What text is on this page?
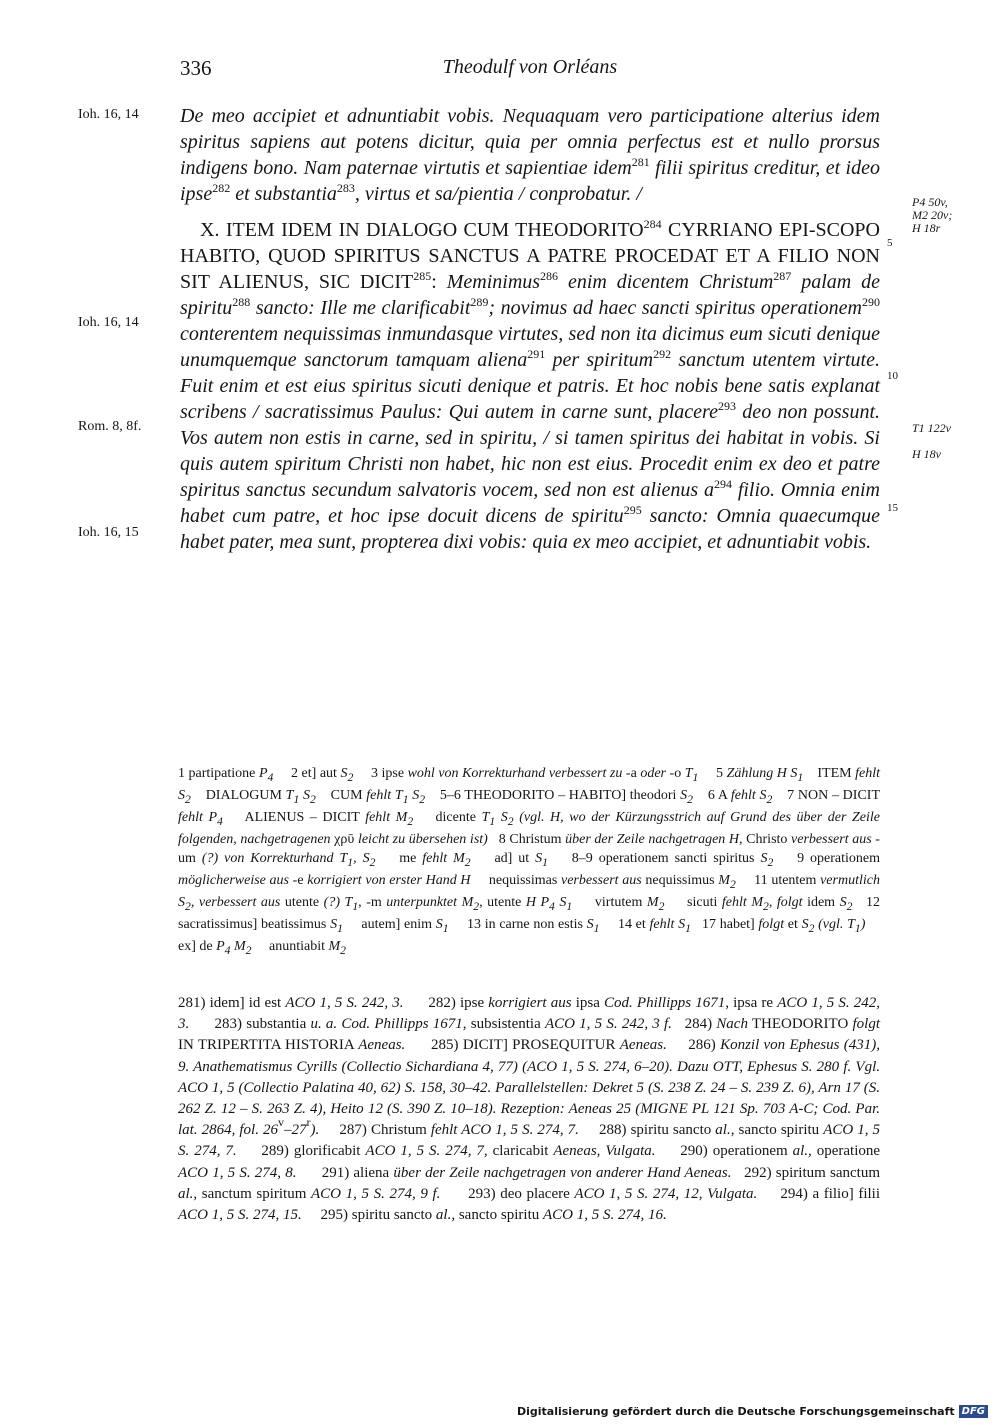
336	Theodulf von Orléans
Ioh. 16, 14
Ioh. 16, 14
Rom. 8, 8f.
Ioh. 16, 15
5
10
15
P4 50v,
M2 20v;
H 18r
T1 122v
H 18v

De meo accipiet et adnuntiabit vobis. Nequaquam vero participatione alterius idem spiritus sapiens aut potens dicitur, quia per omnia perfectus est et nullo prorsus indigens bono. Nam paternae virtutis et sapientiae idem$^{281}$ filii spiritus creditur, et ideo ipse$^{282}$ et substantia$^{283}$, virtus et sa/pientia / conprobatur. /

X. ITEM IDEM IN DIALOGO CUM THEODORITO$^{284}$ CYRRIANO EPI-SCOPO HABITO, QUOD SPIRITUS SANCTUS A PATRE PROCEDAT ET A FILIO NON SIT ALIENUS, SIC DICIT$^{285}$: Meminimus$^{286}$ enim dicentem Christum$^{287}$ palam de spiritu$^{288}$ sancto: Ille me clarificabit$^{289}$; novimus ad haec sancti spiritus operationem$^{290}$ conterentem nequissimas inmundasque virtutes, sed non ita dicimus eum sicuti denique unumquemque sanctorum tamquam aliena$^{291}$ per spiritum$^{292}$ sanctum utentem virtute. Fuit enim et est eius spiritus sicuti denique et patris. Et hoc nobis bene satis explanat scribens / sacratissimus Paulus: Qui autem in carne sunt, placere$^{293}$ deo non possunt. Vos autem non estis in carne, sed in spiritu, / si tamen spiritus dei habitat in vobis. Si quis autem spiritum Christi non habet, hic non est eius. Procedit enim ex deo et patre spiritus sanctus secundum salvatoris vocem, sed non est alienus $a^{294}$ filio. Omnia enim habet cum patre, et hoc ipse docuit dicens de spiritu$^{295}$ sancto: Omnia quaecumque habet pater, mea sunt, propterea dixi vobis: quia ex meo accipiet, et adnuntiabit vobis.

1 partipatione $P_4$     2 et] aut $S_2$     3 ipse wohl von Korrekturhand verbessert zu -a oder -o $T_1$     5 Zählung H $S_1$    ITEM fehlt $S_2$    DIALOGUM $T_1$ $S_2$    CUM fehlt $T_1$ $S_2$    5–6 THEODORITO – HABITO] theodori $S_2$    6 A fehlt $S_2$    7 NON – DICIT fehlt $P_4$    ALIENUS – DICIT fehlt $M_2$    dicente $T_1$ $S_2$ (vgl. H, wo der Kürzungsstrich auf Grund des über der Zeile folgenden, nachgetragenen χρῡ leicht zu übersehen ist)   8 Christum über der Zeile nachgetragen H, Christo verbessert aus -um (?) von Korrekturhand $T_1$, $S_2$    me fehlt $M_2$    ad] ut $S_1$    8–9 operationem sancti spiritus $S_2$    9 operationem möglicherweise aus -e korrigiert von erster Hand H     nequissimas verbessert aus nequissimus $M_2$     11 utentem vermutlich $S_2$, verbessert aus utente (?) $T_1$, -m unterpunktet $M_2$, utente H $P_4$ $S_1$     virtutem $M_2$     sicuti fehlt $M_2$, folgt idem $S_2$   12 sacratissimus] beatissimus $S_1$     autem] enim $S_1$     13 in carne non estis $S_1$     14 et fehlt $S_1$   17 habet] folgt et $S_2$ (vgl. $T_1$)     ex] de $P_4$ $M_2$     anuntiabit $M_2$

281) idem] id est ACO 1, 5 S. 242, 3.      282) ipse korrigiert aus ipsa Cod. Phillipps 1671, ipsa re ACO 1, 5 S. 242, 3.      283) substantia u. a. Cod. Phillipps 1671, subsistentia ACO 1, 5 S. 242, 3 f.   284) Nach THEODORITO folgt IN TRIPERTITA HISTORIA Aeneas.      285) DICIT] PROSEQUITUR Aeneas.     286) Konzil von Ephesus (431), 9. Anathematismus Cyrills (Collectio Sichardiana 4, 77) (ACO 1, 5 S. 274, 6–20). Dazu OTT, Ephesus S. 280 f. Vgl. ACO 1, 5 (Collectio Palatina 40, 62) S. 158, 30–42. Parallelstellen: Dekret 5 (S. 238 Z. 24 – S. 239 Z. 6), Arn 17 (S. 262 Z. 12 – S. 263 Z. 4), Heito 12 (S. 390 Z. 10–18). Rezeption: Aeneas 25 (MIGNE PL 121 Sp. 703 A-C; Cod. Par. lat. 2864, fol. 26$^v$–27$^r$).     287) Christum fehlt ACO 1, 5 S. 274, 7.     288) spiritu sancto al., sancto spiritu ACO 1, 5 S. 274, 7.     289) glorificabit ACO 1, 5 S. 274, 7, claricabit Aeneas, Vulgata.     290) operationem al., operatione ACO 1, 5 S. 274, 8.      291) aliena über der Zeile nachgetragen von anderer Hand Aeneas.   292) spiritum sanctum al., sanctum spiritum ACO 1, 5 S. 274, 9 f.      293) deo placere ACO 1, 5 S. 274, 12, Vulgata.     294) a filio] filii ACO 1, 5 S. 274, 15.     295) spiritu sancto al., sancto spiritu ACO 1, 5 S. 274, 16.

Digitalisierung gefördert durch die Deutsche Forschungsgemeinschaft DFG
